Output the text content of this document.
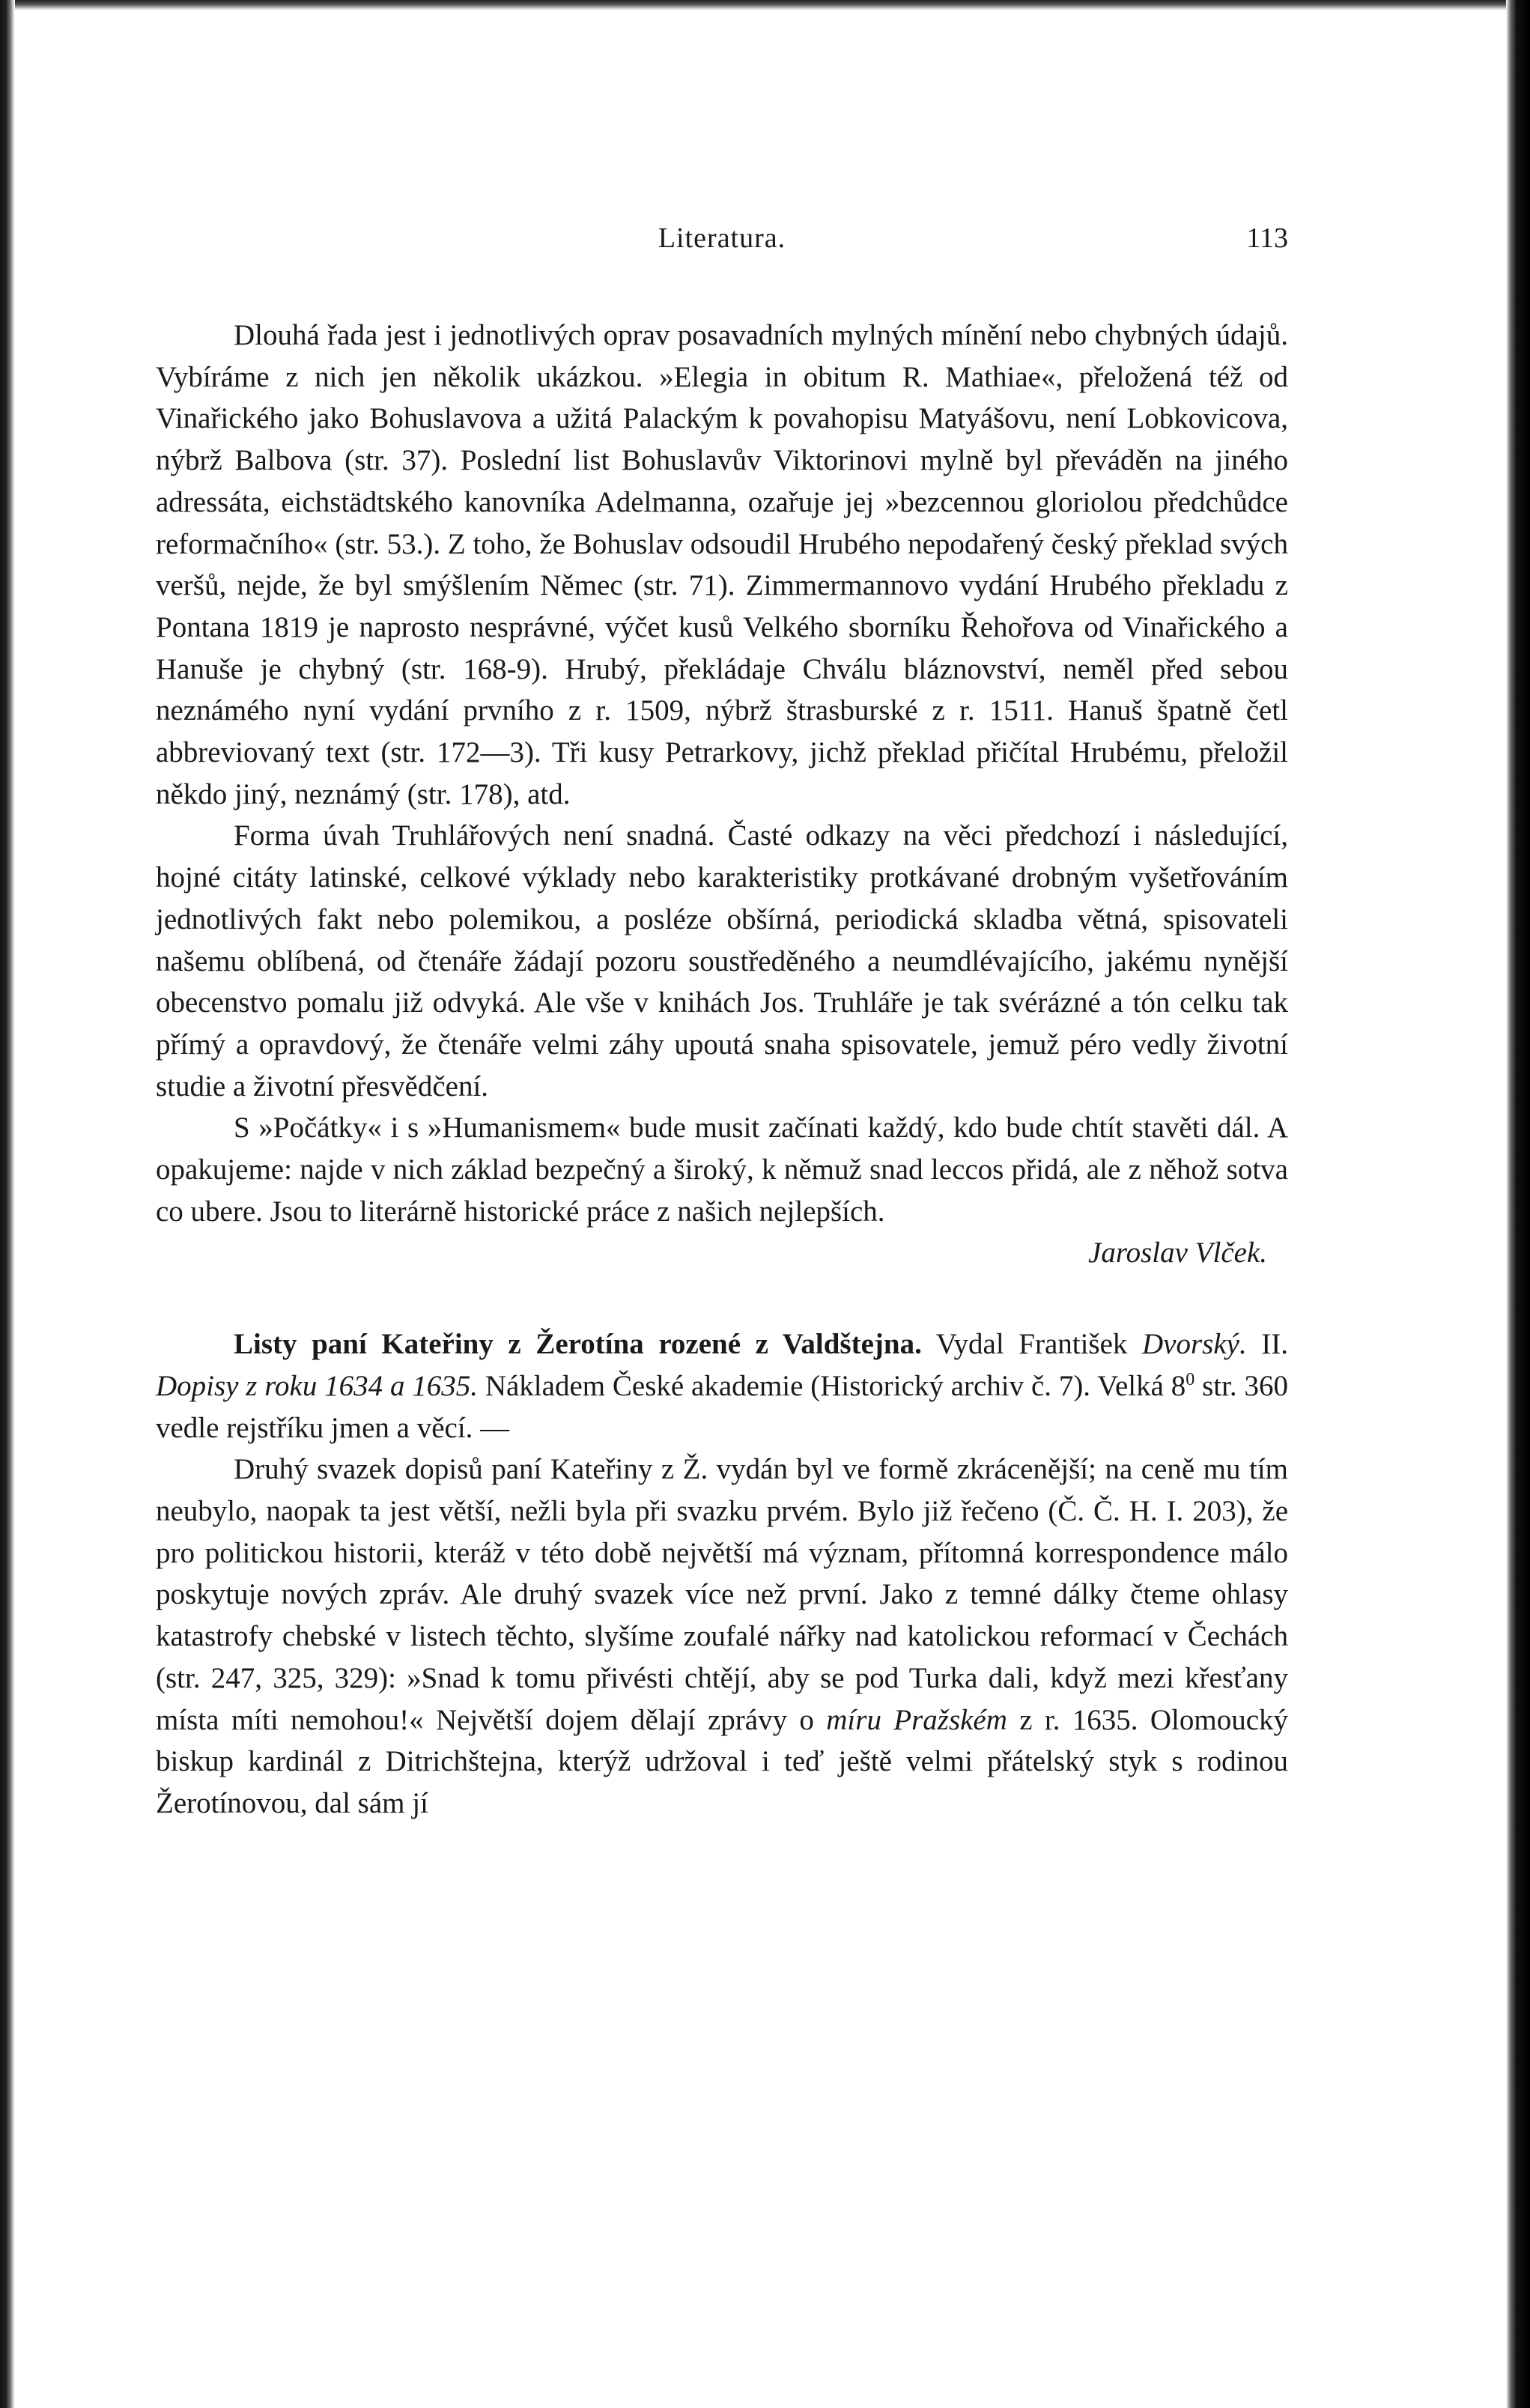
Literatura.	113

Dlouhá řada jest i jednotlivých oprav posavadních mylných mínění nebo chybných údajů. Vybíráme z nich jen několik ukázkou. »Elegia in obitum R. Mathiae«, přeložená též od Vinařického jako Bohuslavova a užitá Palackým k povahopisu Matyášovu, není Lobkovicova, nýbrž Balbova (str. 37). Poslední list Bohuslavův Viktorinovi mylně byl převáděn na jiného adressáta, eichstädtského kanovníka Adelmanna, ozařuje jej »bezcennou gloriolou předchůdce reformačního« (str. 53.). Z toho, že Bohuslav odsoudil Hrubého nepodařený český překlad svých veršů, nejde, že byl smýšlením Němec (str. 71). Zimmermannovo vydání Hrubého překladu z Pontana 1819 je naprosto nesprávné, výčet kusů Velkého sborníku Řehořova od Vinařického a Hanuše je chybný (str. 168-9). Hrubý, překládaje Chválu bláznovství, neměl před sebou neznámého nyní vydání prvního z r. 1509, nýbrž štrasburské z r. 1511. Hanuš špatně četl abbreviovaný text (str. 172—3). Tři kusy Petrarkovy, jichž překlad přičítal Hrubému, přeložil někdo jiný, neznámý (str. 178), atd.

Forma úvah Truhlářových není snadná. Časté odkazy na věci předchozí i následující, hojné citáty latinské, celkové výklady nebo karakteristiky protkávané drobným vyšetřováním jednotlivých fakt nebo polemikou, a posléze obšírná, periodická skladba větná, spisovateli našemu oblíbená, od čtenáře žádají pozoru soustředěného a neumdlévajícího, jakému nynější obecenstvo pomalu již odvyká. Ale vše v knihách Jos. Truhláře je tak svérázné a tón celku tak přímý a opravdový, že čtenáře velmi záhy upoutá snaha spisovatele, jemuž péro vedly životní studie a životní přesvědčení.

S »Počátky« i s »Humanismem« bude musit začínati každý, kdo bude chtít stavěti dál. A opakujeme: najde v nich základ bezpečný a široký, k němuž snad leccos přidá, ale z něhož sotva co ubere. Jsou to literárně historické práce z našich nejlepších.

Jaroslav Vlček.

Listy paní Kateřiny z Žerotína rozené z Valdštejna. Vydal František Dvorský. II. Dopisy z roku 1634 a 1635. Nákladem České akademie (Historický archiv č. 7). Velká $8^0$ str. 360 vedle rejstříku jmen a věcí. —

Druhý svazek dopisů paní Kateřiny z Ž. vydán byl ve formě zkrácenější; na ceně mu tím neubylo, naopak ta jest větší, nežli byla při svazku prvém. Bylo již řečeno (Č. Č. H. I. 203), že pro politickou historii, kteráž v této době největší má význam, přítomná korrespondence málo poskytuje nových zpráv. Ale druhý svazek více než první. Jako z temné dálky čteme ohlasy katastrofy chebské v listech těchto, slyšíme zoufalé nářky nad katolickou reformací v Čechách (str. 247, 325, 329): »Snad k tomu přivésti chtějí, aby se pod Turka dali, když mezi křesťany místa míti nemohou!« Největší dojem dělají zprávy o míru Pražském z r. 1635. Olomoucký biskup kardinál z Ditrichštejna, kterýž udržoval i teď ještě velmi přátelský styk s rodinou Žerotínovou, dal sám jí
